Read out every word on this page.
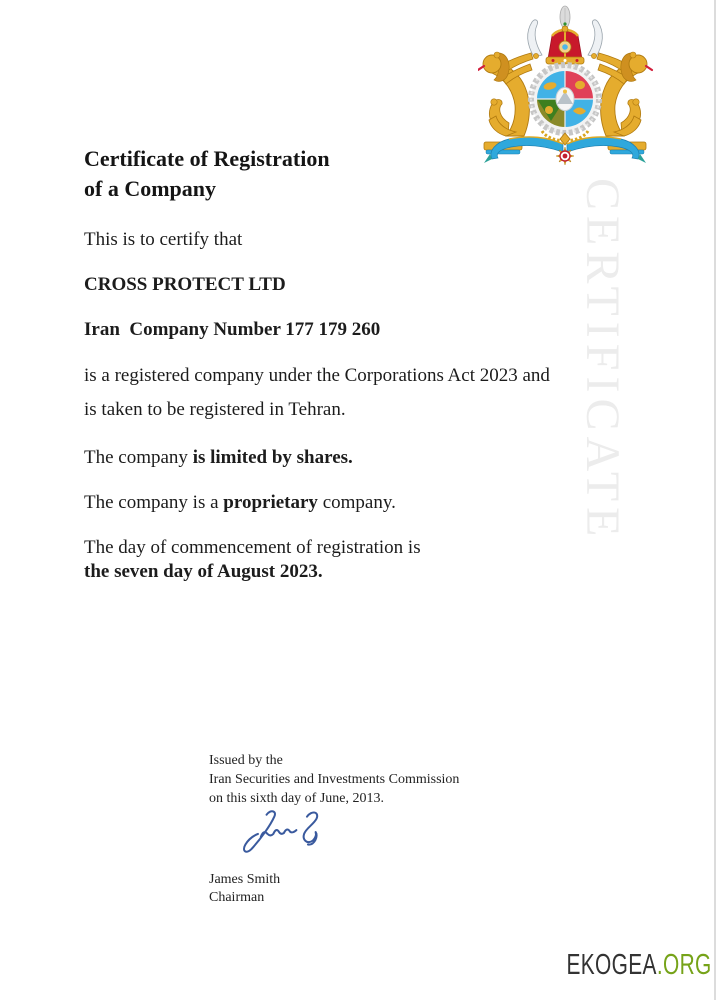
CERTIFICATE
Certificate of Registration
of a Company
This is to certify that
CROSS PROTECT LTD
Iran  Company Number 177 179 260
is a registered company under the Corporations Act 2023 and
is taken to be registered in Tehran.
The company is limited by shares.
The company is a proprietary company.
The day of commencement of registration is
the seven day of August 2023.
Issued by the
Iran Securities and Investments Commission
on this sixth day of June, 2013.
James Smith
Chairman
EKOGEA.ORG
